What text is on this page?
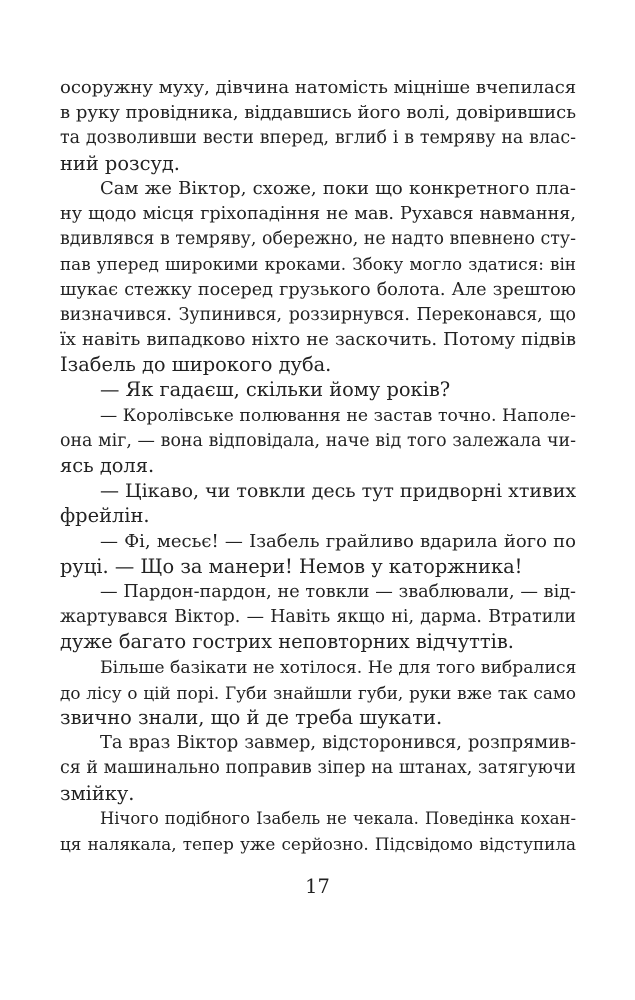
осоружну муху, дівчина натомість міцніше вчепилася
в руку провідника, віддавшись його волі, довірившись
та дозволивши вести вперед, вглиб і в темряву на влас-
ний розсуд.
Сам же Віктор, схоже, поки що конкретного пла-
ну щодо місця гріхопадіння не мав. Рухався навмання,
вдивлявся в темряву, обережно, не надто впевнено сту-
пав уперед широкими кроками. Збоку могло здатися: він
шукає стежку посеред грузького болота. Але зрештою
визначився. Зупинився, роззирнувся. Переконався, що
їх навіть випадково ніхто не заскочить. Потому підвів
Ізабель до широкого дуба.
— Як гадаєш, скільки йому років?
— Королівське полювання не застав точно. Наполе-
она міг, — вона відповідала, наче від того залежала чи-
ясь доля.
— Цікаво, чи товкли десь тут придворні хтивих
фрейлін.
— Фі, месьє! — Ізабель грайливо вдарила його по
руці. — Що за манери! Немов у каторжника!
— Пардон-пардон, не товкли — зваблювали, — від-
жартувався Віктор. — Навіть якщо ні, дарма. Втратили
дуже багато гострих неповторних відчуттів.
Більше базікати не хотілося. Не для того вибралися
до лісу о цій порі. Губи знайшли губи, руки вже так само
звично знали, що й де треба шукати.
Та враз Віктор завмер, відсторонився, розпрямив-
ся й машинально поправив зіпер на штанах, затягуючи
змійку.
Нічого подібного Ізабель не чекала. Поведінка кохан-
ця налякала, тепер уже серйозно. Підсвідомо відступила
17
